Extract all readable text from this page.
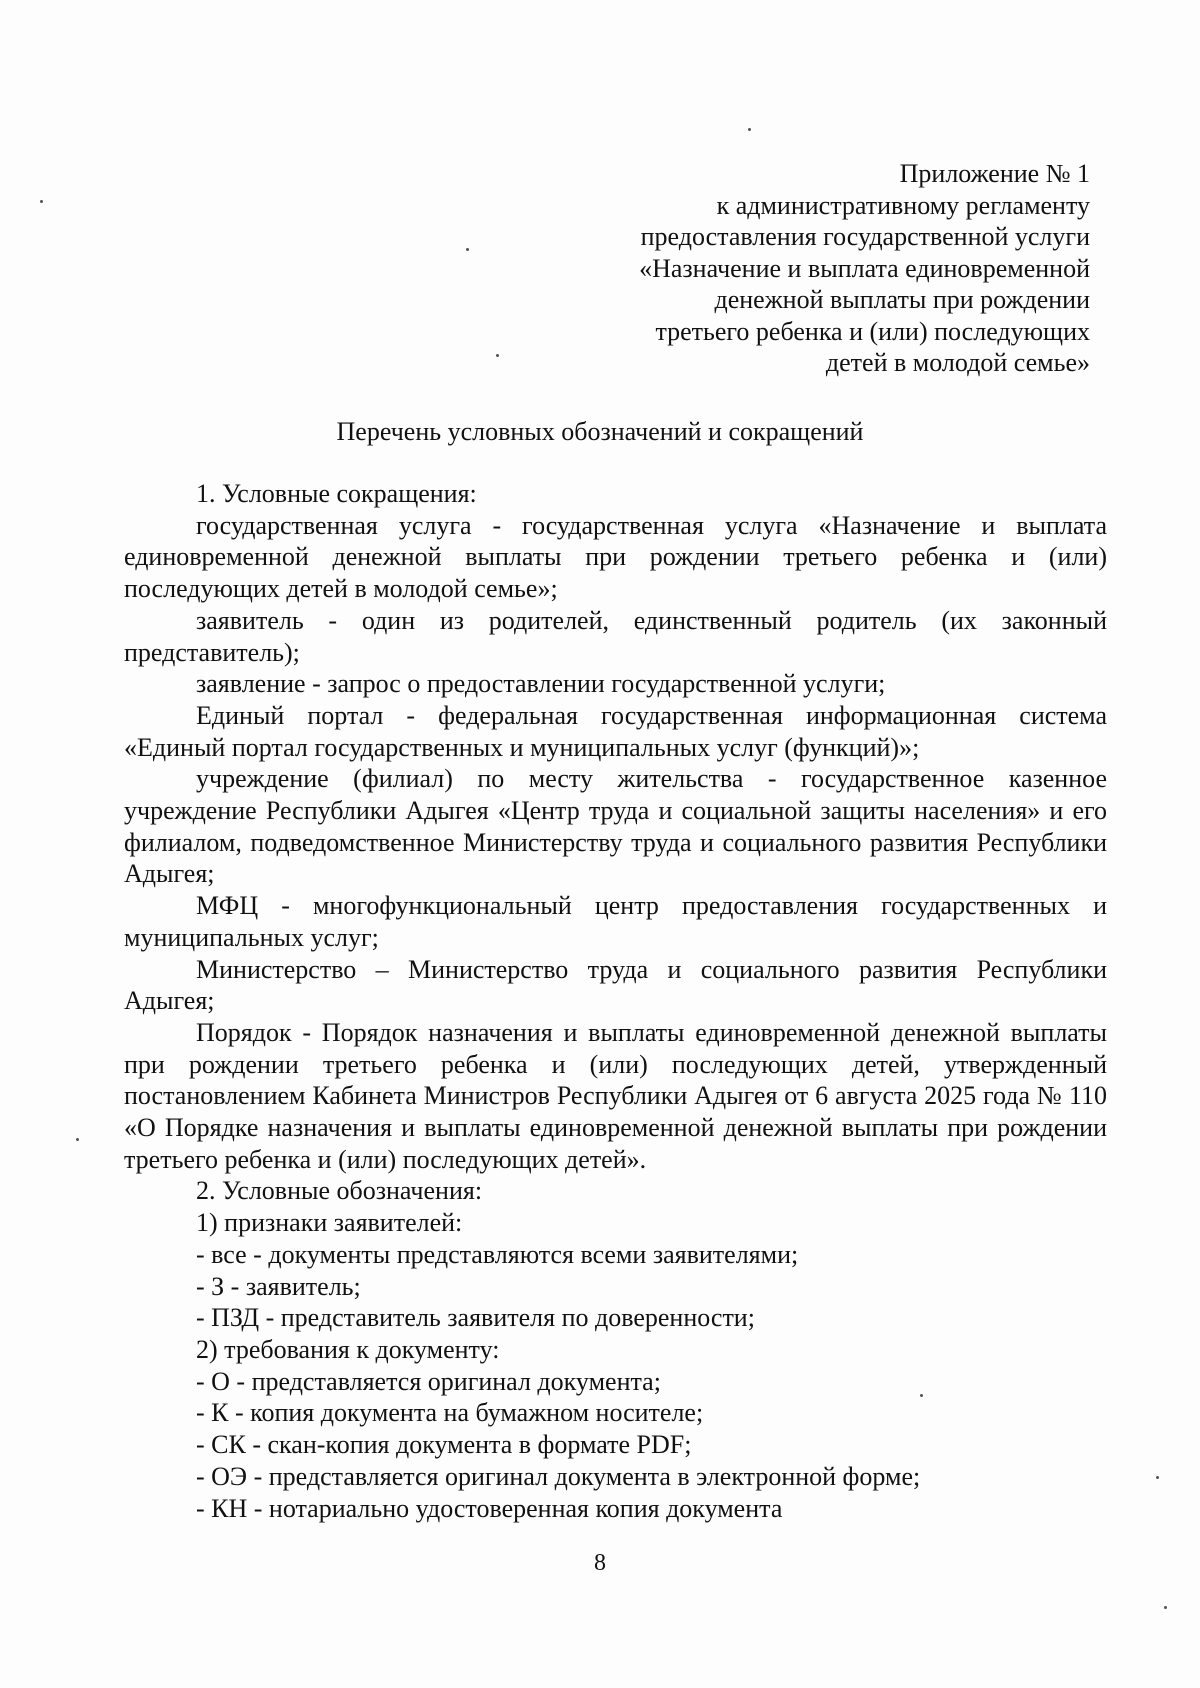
Приложение № 1
к административному регламенту
предоставления государственной услуги
«Назначение и выплата единовременной
денежной выплаты при рождении
третьего ребенка и (или) последующих
детей в молодой семье»
Перечень условных обозначений и сокращений

1. Условные сокращения:

государственная услуга - государственная услуга «Назначение и выплата единовременной денежной выплаты при рождении третьего ребенка и (или) последующих детей в молодой семье»;

заявитель - один из родителей, единственный родитель (их законный представитель);

заявление - запрос о предоставлении государственной услуги;

Единый портал - федеральная государственная информационная система «Единый портал государственных и муниципальных услуг (функций)»;

учреждение (филиал) по месту жительства - государственное казенное учреждение Республики Адыгея «Центр труда и социальной защиты населения» и его филиалом, подведомственное Министерству труда и социального развития Республики Адыгея;

МФЦ - многофункциональный центр предоставления государственных и муниципальных услуг;

Министерство – Министерство труда и социального развития Республики Адыгея;

Порядок - Порядок назначения и выплаты единовременной денежной выплаты при рождении третьего ребенка и (или) последующих детей, утвержденный постановлением Кабинета Министров Республики Адыгея от 6 августа 2025 года № 110 «О Порядке назначения и выплаты единовременной денежной выплаты при рождении третьего ребенка и (или) последующих детей».

2. Условные обозначения:

1) признаки заявителей:

- все - документы представляются всеми заявителями;

- З - заявитель;

- ПЗД - представитель заявителя по доверенности;

2) требования к документу:

- О - представляется оригинал документа;

- К - копия документа на бумажном носителе;

- СК - скан-копия документа в формате PDF;

- ОЭ - представляется оригинал документа в электронной форме;

- КН - нотариально удостоверенная копия документа

8
